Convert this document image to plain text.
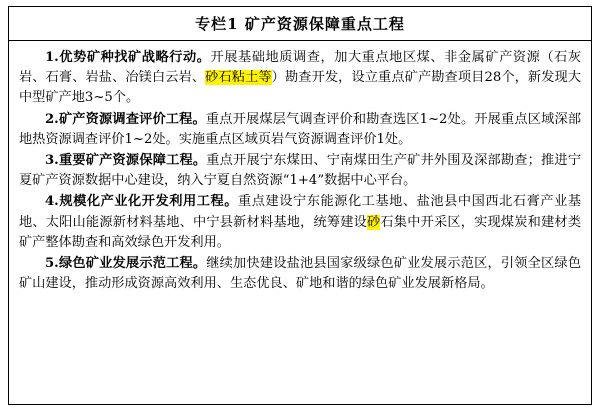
专栏1 矿产资源保障重点工程

1.优势矿种找矿战略行动。开展基础地质调查，加大重点地区煤、非金属矿产资源（石灰岩、石膏、岩盐、冶镁白云岩、砂石粘土等）勘查开发，设立重点矿产勘查项目28个，新发现大中型矿产地3~5个。

2.矿产资源调查评价工程。重点开展煤层气调查评价和勘查选区1~2处。开展重点区域深部地热资源调查评价1~2处。实施重点区域页岩气资源调查评价1处。

3.重要矿产资源保障工程。重点开展宁东煤田、宁南煤田生产矿井外围及深部勘查；推进宁夏矿产资源数据中心建设，纳入宁夏自然资源“1+4”数据中心平台。

4.规模化产业化开发利用工程。重点建设宁东能源化工基地、盐池县中国西北石膏产业基地、太阳山能源新材料基地、中宁县新材料基地，统筹建设砂石集中开采区，实现煤炭和建材类矿产整体勘查和高效绿色开发利用。

5.绿色矿业发展示范工程。继续加快建设盐池县国家级绿色矿业发展示范区，引领全区绿色矿山建设，推动形成资源高效利用、生态优良、矿地和谐的绿色矿业发展新格局。
